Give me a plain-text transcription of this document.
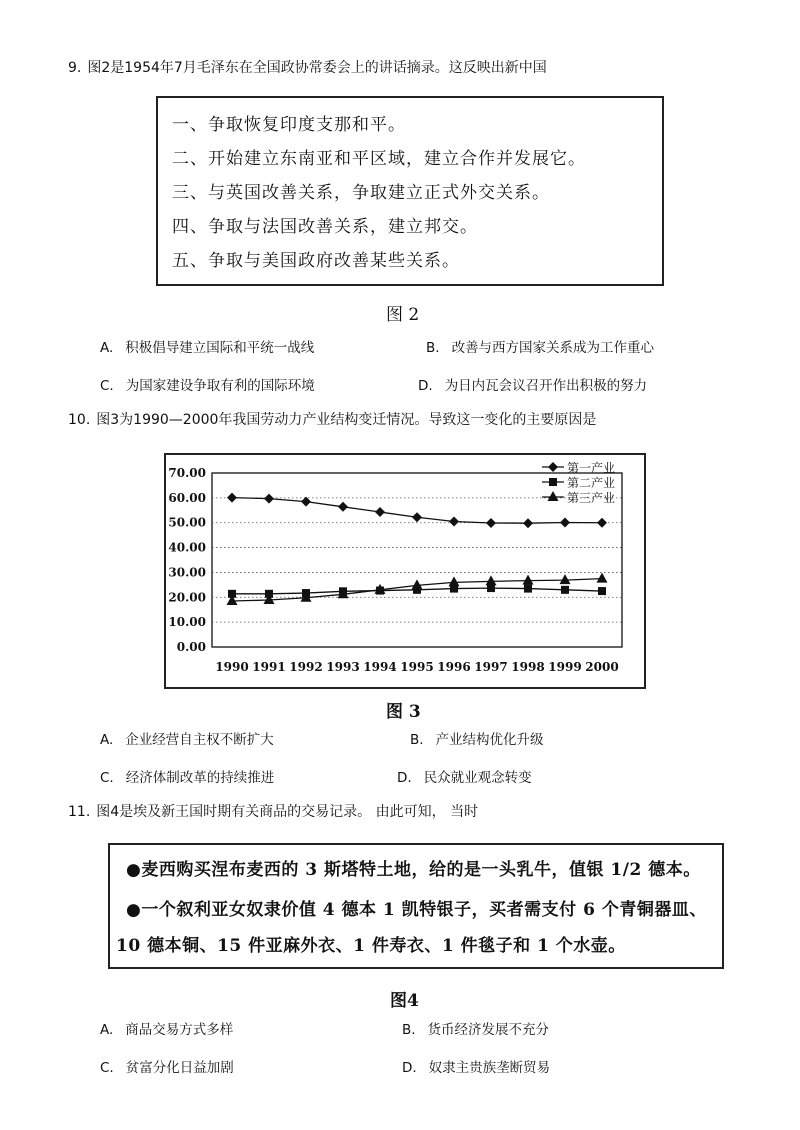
9. 图2是1954年7月毛泽东在全国政协常委会上的讲话摘录。这反映出新中国
一、争取恢复印度支那和平。
二、开始建立东南亚和平区域，建立合作并发展它。
三、与英国改善关系，争取建立正式外交关系。
四、争取与法国改善关系，建立邦交。
五、争取与美国政府改善某些关系。
图 2
A. 积极倡导建立国际和平统一战线	B. 改善与西方国家关系成为工作重心
C. 为国家建设争取有利的国际环境	D. 为日内瓦会议召开作出积极的努力
10. 图3为1990—2000年我国劳动力产业结构变迁情况。导致这一变化的主要原因是
0.00
10.00
20.00
30.00
40.00
50.00
60.00
70.00
1990 1991 1992 1993 1994 1995 1996 1997 1998 1999 2000
第一产业
第二产业
第三产业
图 3
A. 企业经营自主权不断扩大	B. 产业结构优化升级
C. 经济体制改革的持续推进	D. 民众就业观念转变
11. 图4是埃及新王国时期有关商品的交易记录。 由此可知， 当时
●麦西购买涅布麦西的 3 斯塔特土地，给的是一头乳牛，值银 1/2 德本。
●一个叙利亚女奴隶价值 4 德本 1 凯特银子，买者需支付 6 个青铜器皿、
10 德本铜、15 件亚麻外衣、1 件寿衣、1 件毯子和 1 个水壶。
图4
A. 商品交易方式多样	B. 货币经济发展不充分
C. 贫富分化日益加剧	D. 奴隶主贵族垄断贸易
